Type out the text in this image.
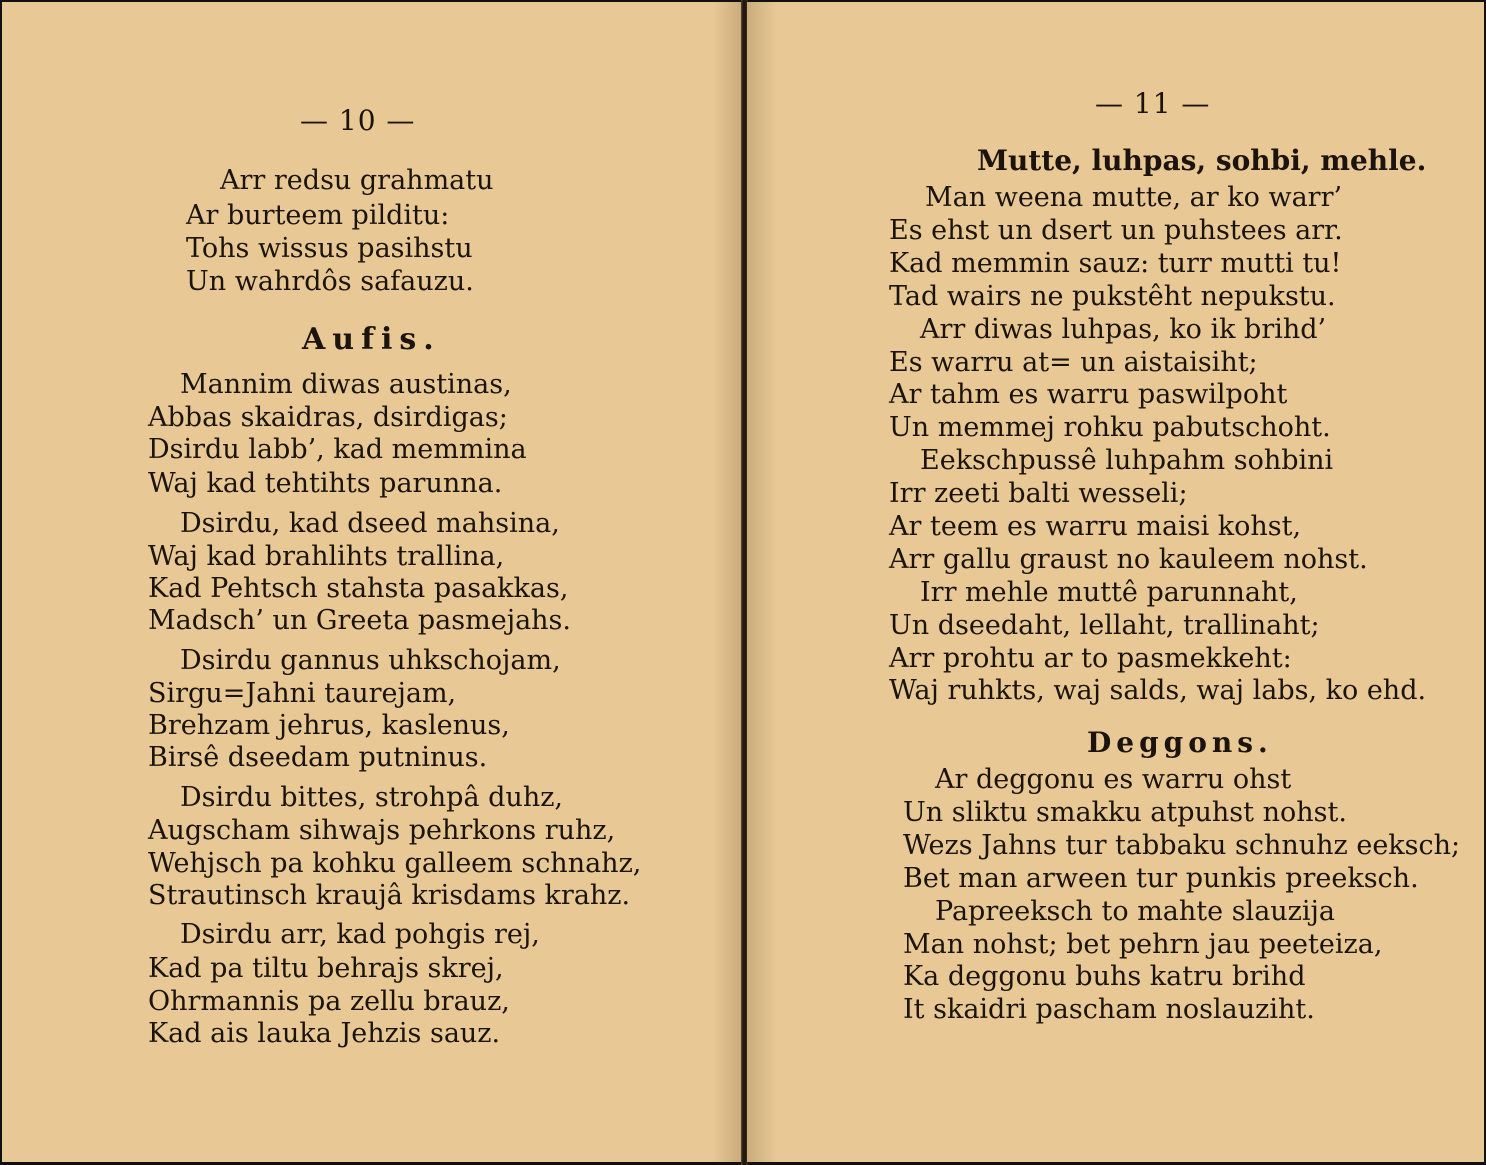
— 10 —
Arr redsu grahmatu
Ar burteem pilditu:
Tohs wissus pasihstu
Un wahrdôs safauzu.
Aufis.
Mannim diwas austinas,
Abbas skaidras, dsirdigas;
Dsirdu labb’, kad memmina
Waj kad tehtihts parunna.
Dsirdu, kad dseed mahsina,
Waj kad brahlihts trallina,
Kad Pehtsch stahsta pasakkas,
Madsch’ un Greeta pasmejahs.
Dsirdu gannus uhkschojam,
Sirgu=Jahni taurejam,
Brehzam jehrus, kaslenus,
Birsê dseedam putninus.
Dsirdu bittes, strohpâ duhz,
Augscham sihwajs pehrkons ruhz,
Wehjsch pa kohku galleem schnahz,
Strautinsch kraujâ krisdams krahz.
Dsirdu arr, kad pohgis rej,
Kad pa tiltu behrajs skrej,
Ohrmannis pa zellu brauz,
Kad ais lauka Jehzis sauz.
— 11 —
Mutte, luhpas, sohbi, mehle.
Man weena mutte, ar ko warr’
Es ehst un dsert un puhstees arr.
Kad memmin sauz: turr mutti tu!
Tad wairs ne pukstêht nepukstu.
Arr diwas luhpas, ko ik brihd’
Es warru at= un aistaisiht;
Ar tahm es warru paswilpoht
Un memmej rohku pabutschoht.
Eekschpussê luhpahm sohbini
Irr zeeti balti wesseli;
Ar teem es warru maisi kohst,
Arr gallu graust no kauleem nohst.
Irr mehle muttê parunnaht,
Un dseedaht, lellaht, trallinaht;
Arr prohtu ar to pasmekkeht:
Waj ruhkts, waj salds, waj labs, ko ehd.
Deggons.
Ar deggonu es warru ohst
Un sliktu smakku atpuhst nohst.
Wezs Jahns tur tabbaku schnuhz eeksch;
Bet man arween tur punkis preeksch.
Papreeksch to mahte slauzija
Man nohst; bet pehrn jau peeteiza,
Ka deggonu buhs katru brihd
It skaidri pascham noslauziht.
